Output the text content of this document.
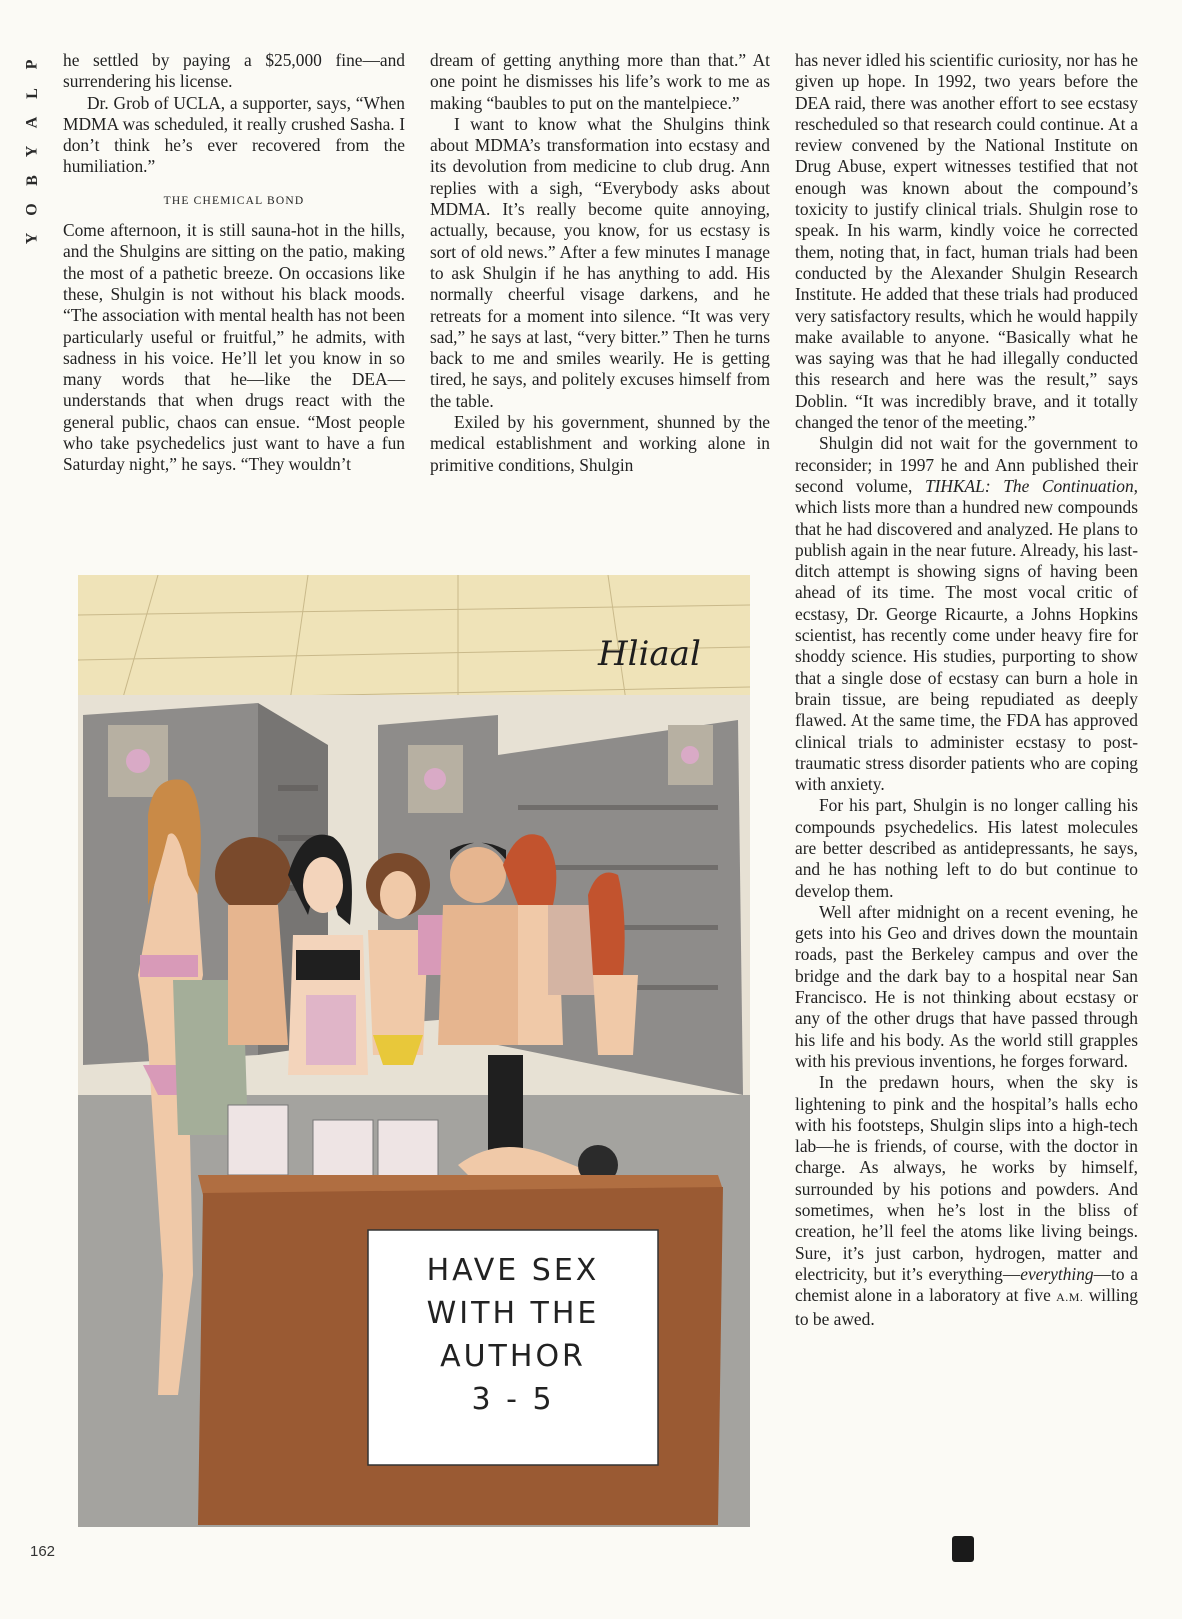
P
L
A
Y
B
O
Y

he settled by paying a $25,000 fine—and surrendering his license.

Dr. Grob of UCLA, a supporter, says, “When MDMA was scheduled, it really crushed Sasha. I don’t think he’s ever recovered from the humiliation.”

THE CHEMICAL BOND

Come afternoon, it is still sauna-hot in the hills, and the Shulgins are sitting on the patio, making the most of a pathetic breeze. On occasions like these, Shulgin is not without his black moods. “The association with mental health has not been particularly useful or fruitful,” he admits, with sadness in his voice. He’ll let you know in so many words that he—like the DEA—understands that when drugs react with the general public, chaos can ensue. “Most people who take psychedelics just want to have a fun Saturday night,” he says. “They wouldn’t

dream of getting anything more than that.” At one point he dismisses his life’s work to me as making “baubles to put on the mantelpiece.”

I want to know what the Shulgins think about MDMA’s transformation into ecstasy and its devolution from medicine to club drug. Ann replies with a sigh, “Everybody asks about MDMA. It’s really become quite annoying, actually, because, you know, for us ecstasy is sort of old news.” After a few minutes I manage to ask Shulgin if he has anything to add. His normally cheerful visage darkens, and he retreats for a moment into silence. “It was very sad,” he says at last, “very bitter.” Then he turns back to me and smiles wearily. He is getting tired, he says, and politely excuses himself from the table.

Exiled by his government, shunned by the medical establishment and working alone in primitive conditions, Shulgin

has never idled his scientific curiosity, nor has he given up hope. In 1992, two years before the DEA raid, there was another effort to see ecstasy rescheduled so that research could continue. At a review convened by the National Institute on Drug Abuse, expert witnesses testified that not enough was known about the compound’s toxicity to justify clinical trials. Shulgin rose to speak. In his warm, kindly voice he corrected them, noting that, in fact, human trials had been conducted by the Alexander Shulgin Research Institute. He added that these trials had produced very satisfactory results, which he would happily make available to anyone. “Basically what he was saying was that he had illegally conducted this research and here was the result,” says Doblin. “It was incredibly brave, and it totally changed the tenor of the meeting.”

Shulgin did not wait for the government to reconsider; in 1997 he and Ann published their second volume, TIHKAL: The Continuation, which lists more than a hundred new compounds that he had discovered and analyzed. He plans to publish again in the near future. Already, his last-ditch attempt is showing signs of having been ahead of its time. The most vocal critic of ecstasy, Dr. George Ricaurte, a Johns Hopkins scientist, has recently come under heavy fire for shoddy science. His studies, purporting to show that a single dose of ecstasy can burn a hole in brain tissue, are being repudiated as deeply flawed. At the same time, the FDA has approved clinical trials to administer ecstasy to post-traumatic stress disorder patients who are coping with anxiety.

For his part, Shulgin is no longer calling his compounds psychedelics. His latest molecules are better described as antidepressants, he says, and he has nothing left to do but continue to develop them.

Well after midnight on a recent evening, he gets into his Geo and drives down the mountain roads, past the Berkeley campus and over the bridge and the dark bay to a hospital near San Francisco. He is not thinking about ecstasy or any of the other drugs that have passed through his life and his body. As the world still grapples with his previous inventions, he forges forward.

In the predawn hours, when the sky is lightening to pink and the hospital’s halls echo with his footsteps, Shulgin slips into a high-tech lab—he is friends, of course, with the doctor in charge. As always, he works by himself, surrounded by his potions and powders. And sometimes, when he’s lost in the bliss of creation, he’ll feel the atoms like living beings. Sure, it’s just carbon, hydrogen, matter and electricity, but it’s everything—everything—to a chemist alone in a laboratory at five A.M. willing to be awed.

HAVE SEX
WITH THE
AUTHOR
3 - 5
Hliaal
162
